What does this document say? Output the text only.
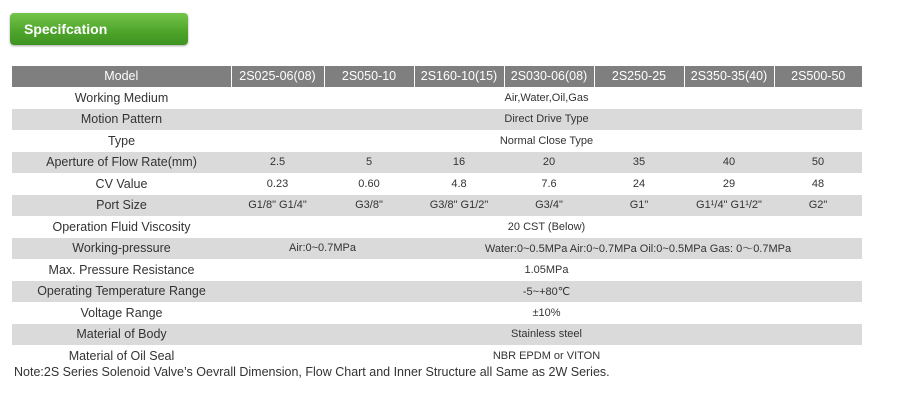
Specifcation
Model	2S025-06(08)	2S050-10	2S160-10(15)	2S030-06(08)	2S250-25	2S350-35(40)	2S500-50
Working Medium	Air,Water,Oil,Gas						
Motion Pattern	Direct Drive Type						
Type	Normal Close Type						
Aperture of Flow Rate(mm)	2.5	5	16	20	35	40	50
CV Value	0.23	0.60	4.8	7.6	24	29	48
Port Size	G1/8" G1/4"	G3/8"	G3/8" G1/2"	G3/4"	G1"	G1¹/4" G1¹/2"	G2"
Operation Fluid Viscosity	20 CST (Below)						
Working-pressure	Air:0~0.7MPa		Water:0~0.5MPa Air:0~0.7MPa Oil:0~0.5MPa Gas: 0～0.7MPa				
Max. Pressure Resistance	1.05MPa						
Operating Temperature Range	-5~+80℃						
Voltage Range	±10%						
Material of Body	Stainless steel						
Material of Oil Seal	NBR EPDM or VITON						
Note:2S Series Solenoid Valve’s Oevrall Dimension, Flow Chart and Inner Structure all Same as 2W Series.
